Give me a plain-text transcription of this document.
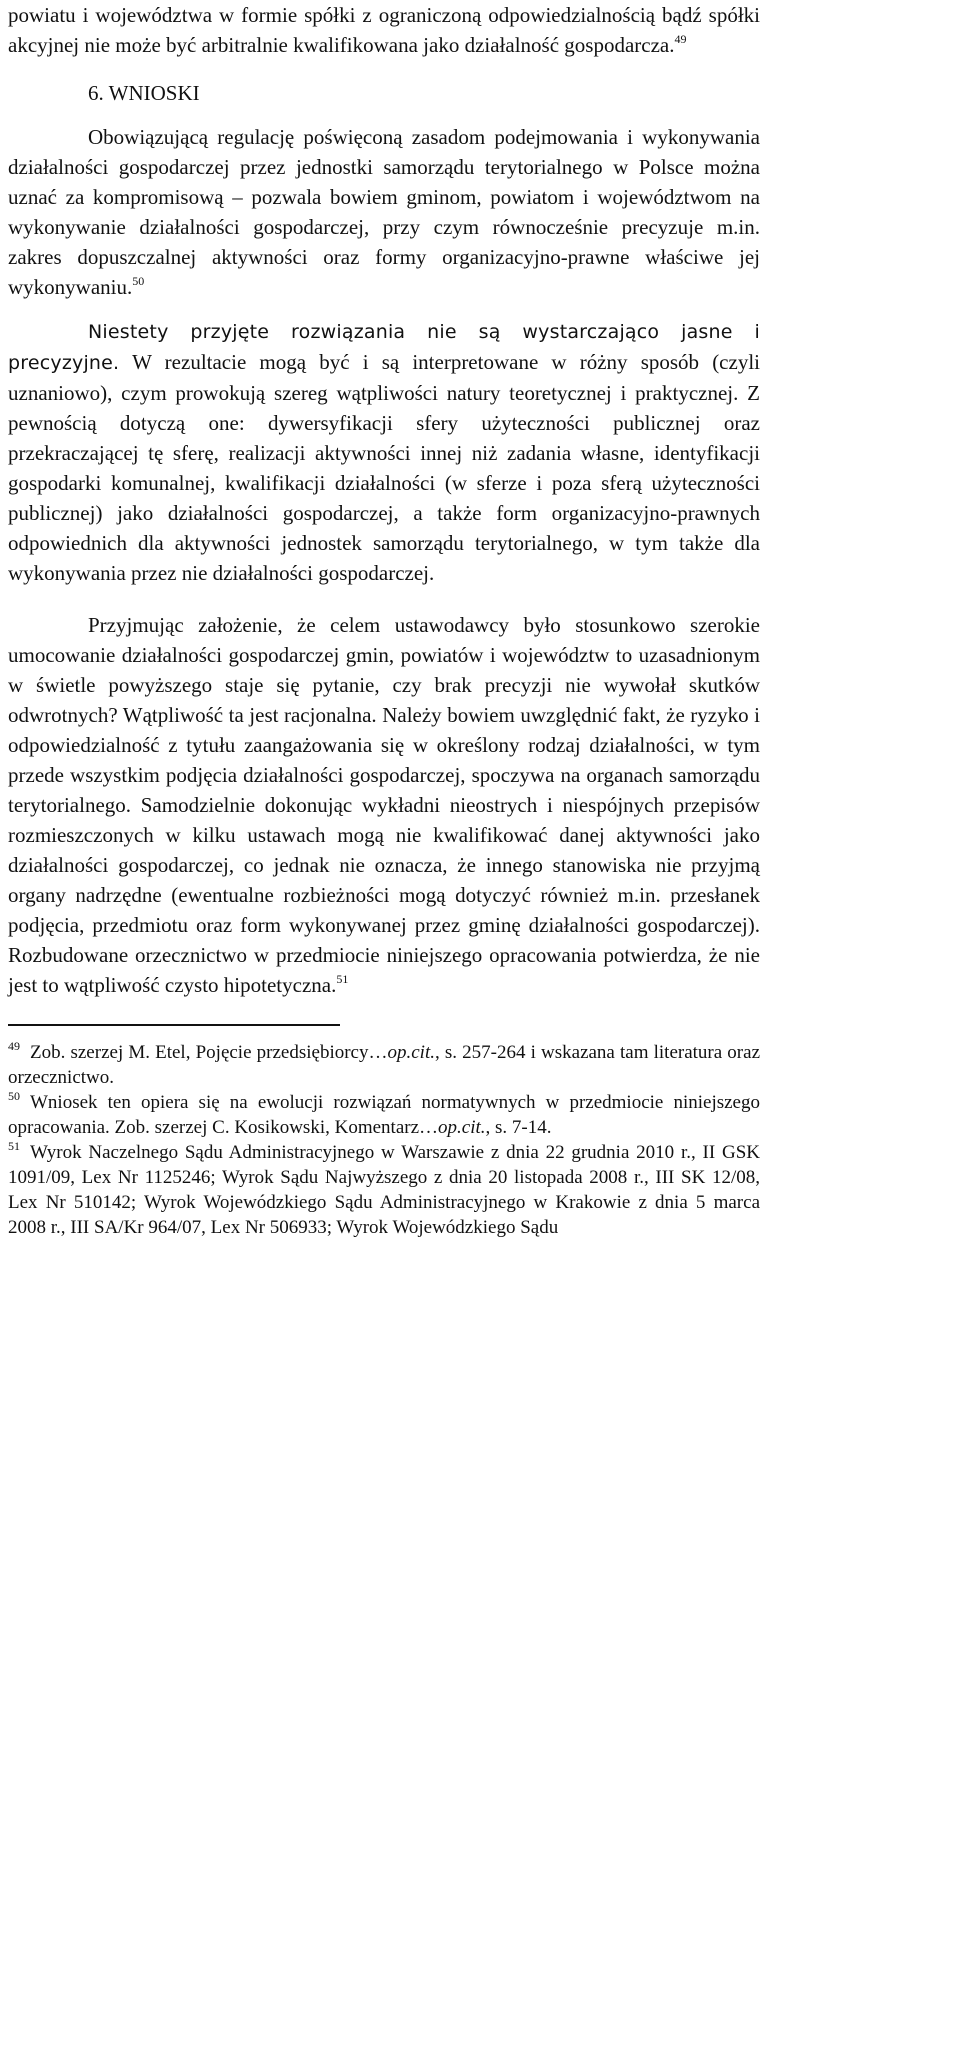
powiatu i województwa w formie spółki z ograniczoną odpowiedzialnością bądź spółki akcyjnej nie może być arbitralnie kwalifikowana jako działalność gospodarcza.$^{49}$

6. WNIOSKI

Obowiązującą regulację poświęconą zasadom podejmowania i wykonywania działalności gospodarczej przez jednostki samorządu terytorialnego w Polsce można uznać za kompromisową – pozwala bowiem gminom, powiatom i województwom na wykonywanie działalności gospodarczej, przy czym równocześnie precyzuje m.in. zakres dopuszczalnej aktywności oraz formy organizacyjno-prawne właściwe jej wykonywaniu.$^{50}$

Niestety przyjęte rozwiązania nie są wystarczająco jasne i precyzyjne. W rezultacie mogą być i są interpretowane w różny sposób (czyli uznaniowo), czym prowokują szereg wątpliwości natury teoretycznej i praktycznej. Z pewnością dotyczą one: dywersyfikacji sfery użyteczności publicznej oraz przekraczającej tę sferę, realizacji aktywności innej niż zadania własne, identyfikacji gospodarki komunalnej, kwalifikacji działalności (w sferze i poza sferą użyteczności publicznej) jako działalności gospodarczej, a także form organizacyjno-prawnych odpowiednich dla aktywności jednostek samorządu terytorialnego, w tym także dla wykonywania przez nie działalności gospodarczej.

Przyjmując założenie, że celem ustawodawcy było stosunkowo szerokie umocowanie działalności gospodarczej gmin, powiatów i województw to uzasadnionym w świetle powyższego staje się pytanie, czy brak precyzji nie wywołał skutków odwrotnych? Wątpliwość ta jest racjonalna. Należy bowiem uwzględnić fakt, że ryzyko i odpowiedzialność z tytułu zaangażowania się w określony rodzaj działalności, w tym przede wszystkim podjęcia działalności gospodarczej, spoczywa na organach samorządu terytorialnego. Samodzielnie dokonując wykładni nieostrych i niespójnych przepisów rozmieszczonych w kilku ustawach mogą nie kwalifikować danej aktywności jako działalności gospodarczej, co jednak nie oznacza, że innego stanowiska nie przyjmą organy nadrzędne (ewentualne rozbieżności mogą dotyczyć również m.in. przesłanek podjęcia, przedmiotu oraz form wykonywanej przez gminę działalności gospodarczej). Rozbudowane orzecznictwo w przedmiocie niniejszego opracowania potwierdza, że nie jest to wątpliwość czysto hipotetyczna.$^{51}$

$^{49}$ Zob. szerzej M. Etel, Pojęcie przedsiębiorcy…op.cit., s. 257-264 i wskazana tam literatura oraz orzecznictwo.

$^{50}$ Wniosek ten opiera się na ewolucji rozwiązań normatywnych w przedmiocie niniejszego opracowania. Zob. szerzej C. Kosikowski, Komentarz…op.cit., s. 7-14.

$^{51}$ Wyrok Naczelnego Sądu Administracyjnego w Warszawie z dnia 22 grudnia 2010 r., II GSK 1091/09, Lex Nr 1125246; Wyrok Sądu Najwyższego z dnia 20 listopada 2008 r., III SK 12/08, Lex Nr 510142; Wyrok Wojewódzkiego Sądu Administracyjnego w Krakowie z dnia 5 marca 2008 r., III SA/Kr 964/07, Lex Nr 506933; Wyrok Wojewódzkiego Sądu
